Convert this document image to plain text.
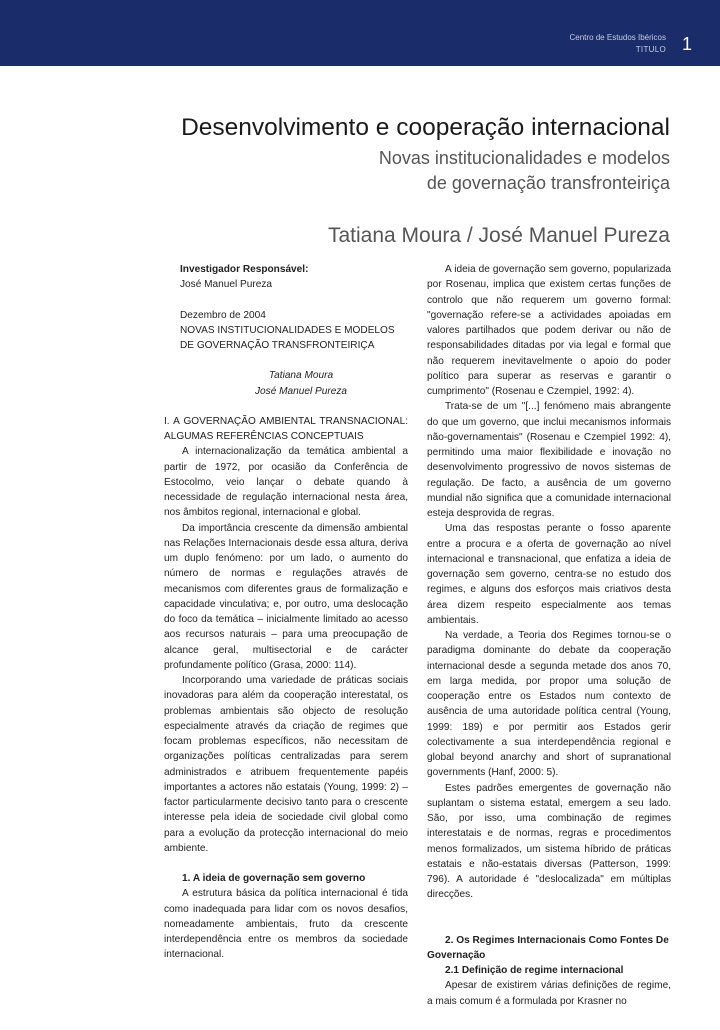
Centro de Estudos Ibéricos
TITULO 1
Desenvolvimento e cooperação internacional
Novas institucionalidades e modelos
de governação transfronteiriça
Tatiana Moura / José Manuel Pureza
Investigador Responsável:
José Manuel Pureza
Dezembro de 2004
NOVAS INSTITUCIONALIDADES E MODELOS
DE GOVERNAÇÃO TRANSFRONTEIRIÇA
Tatiana Moura
José Manuel Pureza

I. A GOVERNAÇÃO AMBIENTAL TRANSNACIONAL: ALGUMAS REFERÊNCIAS CONCEPTUAIS

A internacionalização da temática ambiental a partir de 1972, por ocasião da Conferência de Estocolmo, veio lançar o debate quando à necessidade de regulação internacional nesta área, nos âmbitos regional, internacional e global.

Da importância crescente da dimensão ambiental nas Relações Internacionais desde essa altura, deriva um duplo fenómeno: por um lado, o aumento do número de normas e regulações através de mecanismos com diferentes graus de formalização e capacidade vinculativa; e, por outro, uma deslocação do foco da temática – inicialmente limitado ao acesso aos recursos naturais – para uma preocupação de alcance geral, multisectorial e de carácter profundamente político (Grasa, 2000: 114).

Incorporando uma variedade de práticas sociais inovadoras para além da cooperação interestatal, os problemas ambientais são objecto de resolução especialmente através da criação de regimes que focam problemas específicos, não necessitam de organizações políticas centralizadas para serem administrados e atribuem frequentemente papéis importantes a actores não estatais (Young, 1999: 2) – factor particularmente decisivo tanto para o crescente interesse pela ideia de sociedade civil global como para a evolução da protecção internacional do meio ambiente.

1. A ideia de governação sem governo

A estrutura básica da política internacional é tida como inadequada para lidar com os novos desafios, nomeadamente ambientais, fruto da crescente interdependência entre os membros da sociedade internacional.

A ideia de governação sem governo, popularizada por Rosenau, implica que existem certas funções de controlo que não requerem um governo formal: "governação refere-se a actividades apoiadas em valores partilhados que podem derivar ou não de responsabilidades ditadas por via legal e formal que não requerem inevitavelmente o apoio do poder político para superar as reservas e garantir o cumprimento" (Rosenau e Czempiel, 1992: 4).

Trata-se de um "[...] fenómeno mais abrangente do que um governo, que inclui mecanismos informais não-governamentais" (Rosenau e Czempiel 1992: 4), permitindo uma maior flexibilidade e inovação no desenvolvimento progressivo de novos sistemas de regulação. De facto, a ausência de um governo mundial não significa que a comunidade internacional esteja desprovida de regras.

Uma das respostas perante o fosso aparente entre a procura e a oferta de governação ao nível internacional e transnacional, que enfatiza a ideia de governação sem governo, centra-se no estudo dos regimes, e alguns dos esforços mais criativos desta área dizem respeito especialmente aos temas ambientais.

Na verdade, a Teoria dos Regimes tornou-se o paradigma dominante do debate da cooperação internacional desde a segunda metade dos anos 70, em larga medida, por propor uma solução de cooperação entre os Estados num contexto de ausência de uma autoridade política central (Young, 1999: 189) e por permitir aos Estados gerir colectivamente a sua interdependência regional e global beyond anarchy and short of supranational governments (Hanf, 2000: 5).

Estes padrões emergentes de governação não suplantam o sistema estatal, emergem a seu lado. São, por isso, uma combinação de regimes interestatais e de normas, regras e procedimentos menos formalizados, um sistema híbrido de práticas estatais e não-estatais diversas (Patterson, 1999: 796). A autoridade é "deslocalizada" em múltiplas direcções.

2. Os Regimes Internacionais Como Fontes De Governação

2.1 Definição de regime internacional

Apesar de existirem várias definições de regime, a mais comum é a formulada por Krasner no
